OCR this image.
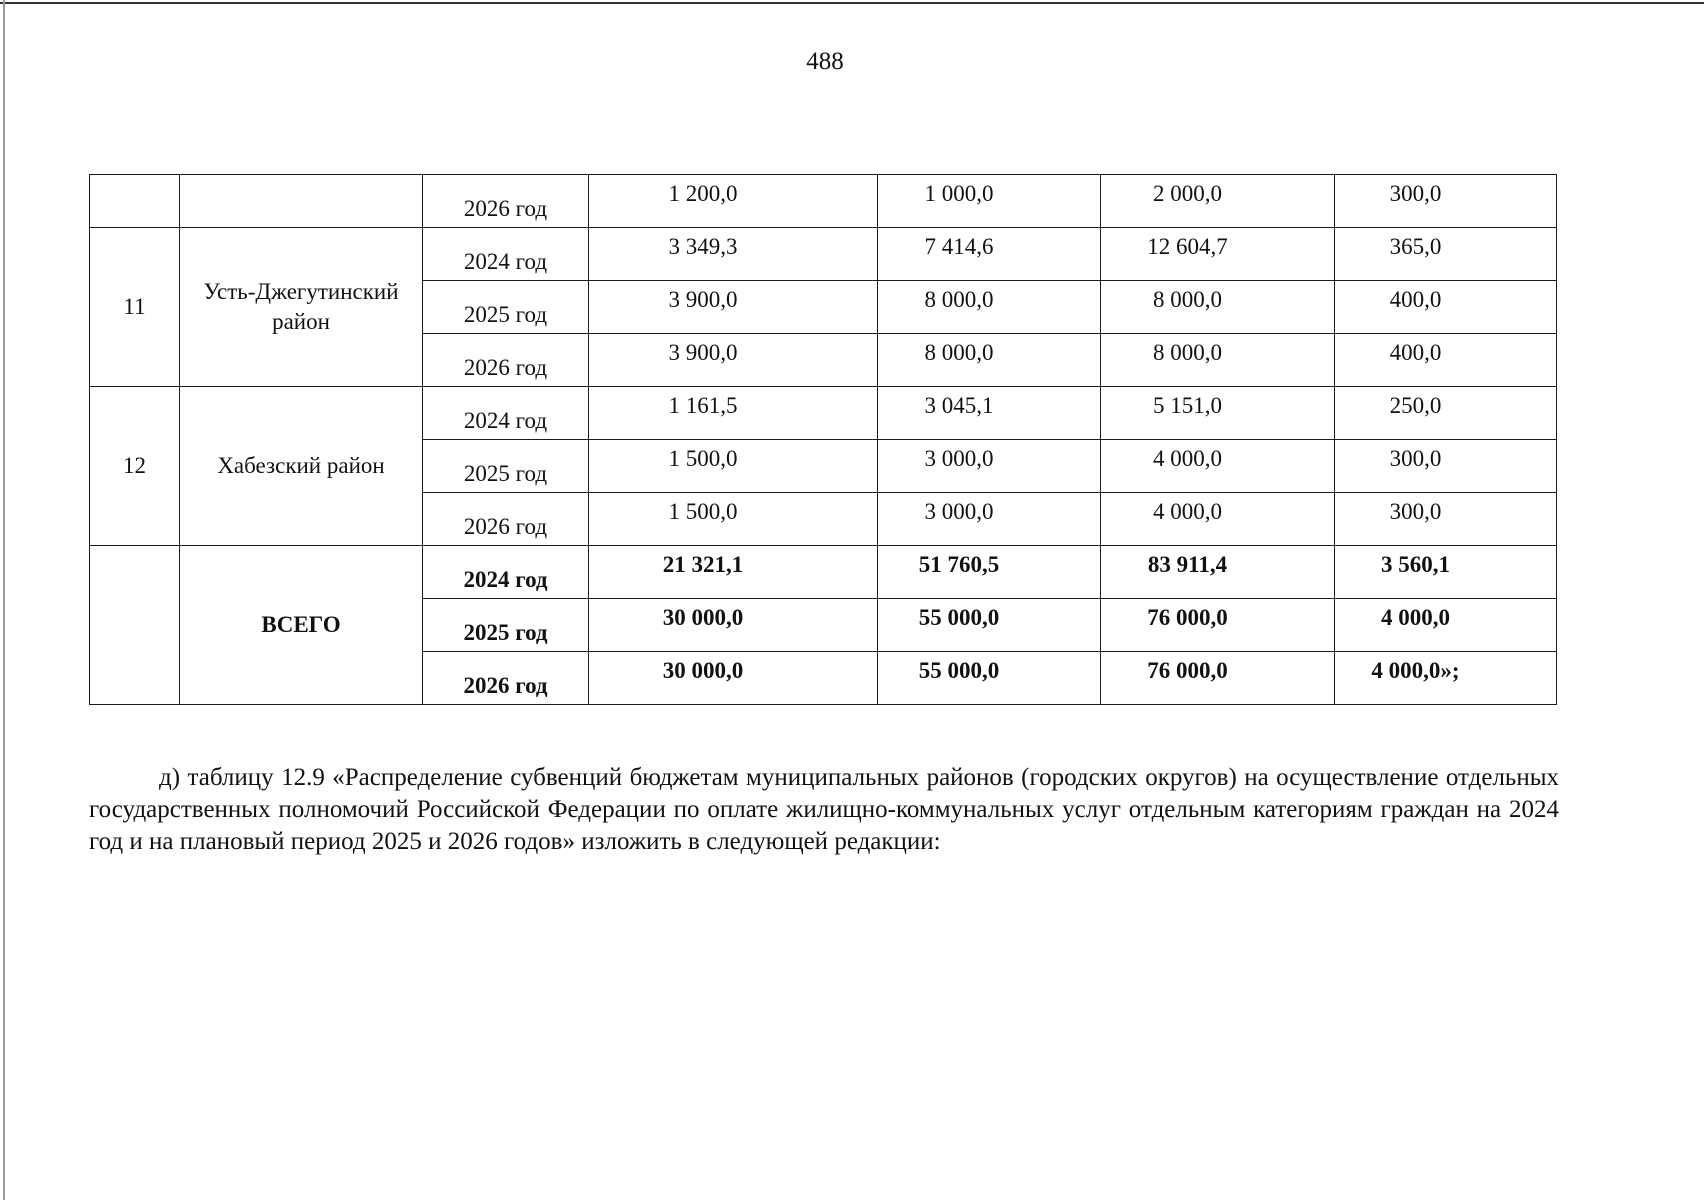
488
		2026 год	1 200,0	1 000,0	2 000,0	300,0
11	Усть-Джегутинский район	2024 год	3 349,3	7 414,6	12 604,7	365,0
		2025 год	3 900,0	8 000,0	8 000,0	400,0
		2026 год	3 900,0	8 000,0	8 000,0	400,0
12	Хабезский район	2024 год	1 161,5	3 045,1	5 151,0	250,0
		2025 год	1 500,0	3 000,0	4 000,0	300,0
		2026 год	1 500,0	3 000,0	4 000,0	300,0
	ВСЕГО	2024 год	21 321,1	51 760,5	83 911,4	3 560,1
		2025 год	30 000,0	55 000,0	76 000,0	4 000,0
		2026 год	30 000,0	55 000,0	76 000,0	4 000,0»;
д) таблицу 12.9 «Распределение субвенций бюджетам муниципальных районов (городских округов) на осуществление отдельных государственных полномочий Российской Федерации по оплате жилищно-коммунальных услуг отдельным категориям граждан на 2024 год и на плановый период 2025 и 2026 годов» изложить в следующей редакции:
